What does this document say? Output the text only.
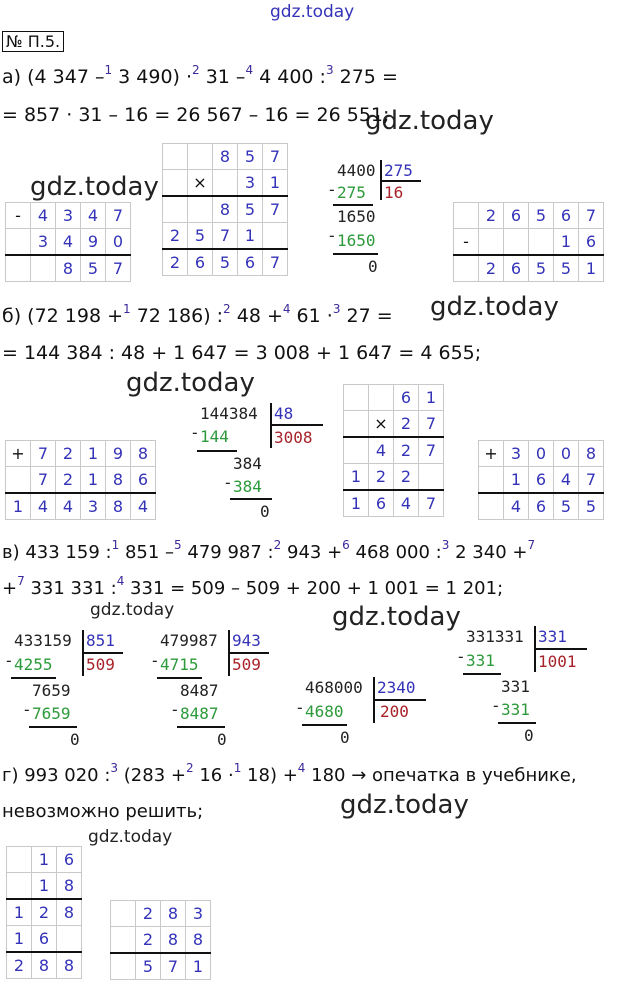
gdz.today
gdz.today
gdz.today
gdz.today
gdz.today
gdz.today	gdz.today
gdz.today
gdz.today
№ П.5.
а) (4 347 –$^1$ 3 490) ·$^2$ 31 –$^4$ 4 400 :$^3$ 275 =
= 857 · 31 – 16 = 26 567 – 16 = 26 551;
-	4	3	4	7
	3	4	9	0
		8	5	7
		8	5	7
	×		3	1
		8	5	7
2	5	7	1	
2	6	5	6	7
4400 275
- 275 16
1650
- 1650
0
	2	6	5	6	7
-				1	6
	2	6	5	5	1
б) (72 198 +$^1$ 72 186) :$^2$ 48 +$^4$ 61 ·$^3$ 27 =
= 144 384 : 48 + 1 647 = 3 008 + 1 647 = 4 655;
+	7	2	1	9	8
	7	2	1	8	6
1	4	4	3	8	4
144384 48
- 144	3008
384
- 384
0
		6	1
	×	2	7
	4	2	7
1	2	2	
1	6	4	7
+	3	0	0	8
	1	6	4	7
	4	6	5	5
в) 433 159 :$^1$ 851 –$^5$ 479 987 :$^2$ 943 +$^6$ 468 000 :$^3$ 2 340 +$^7$
+$^7$ 331 331 :$^4$ 331 = 509 – 509 + 200 + 1 001 = 1 201;
433159 851
- 4255 509
7659
- 7659
0
479987 943
- 4715 509
8487
- 8487
0
468000 2340
- 4680 200
0
331331 331
- 331	1001
331
- 331
0
г) 993 020 :$^3$ (283 +$^2$ 16 ·$^1$ 18) +$^4$ 180 → опечатка в учебнике,
невозможно решить;
	1	6
	1	8
1	2	8
1	6	
2	8	8
	2	8	3
	2	8	8
	5	7	1
